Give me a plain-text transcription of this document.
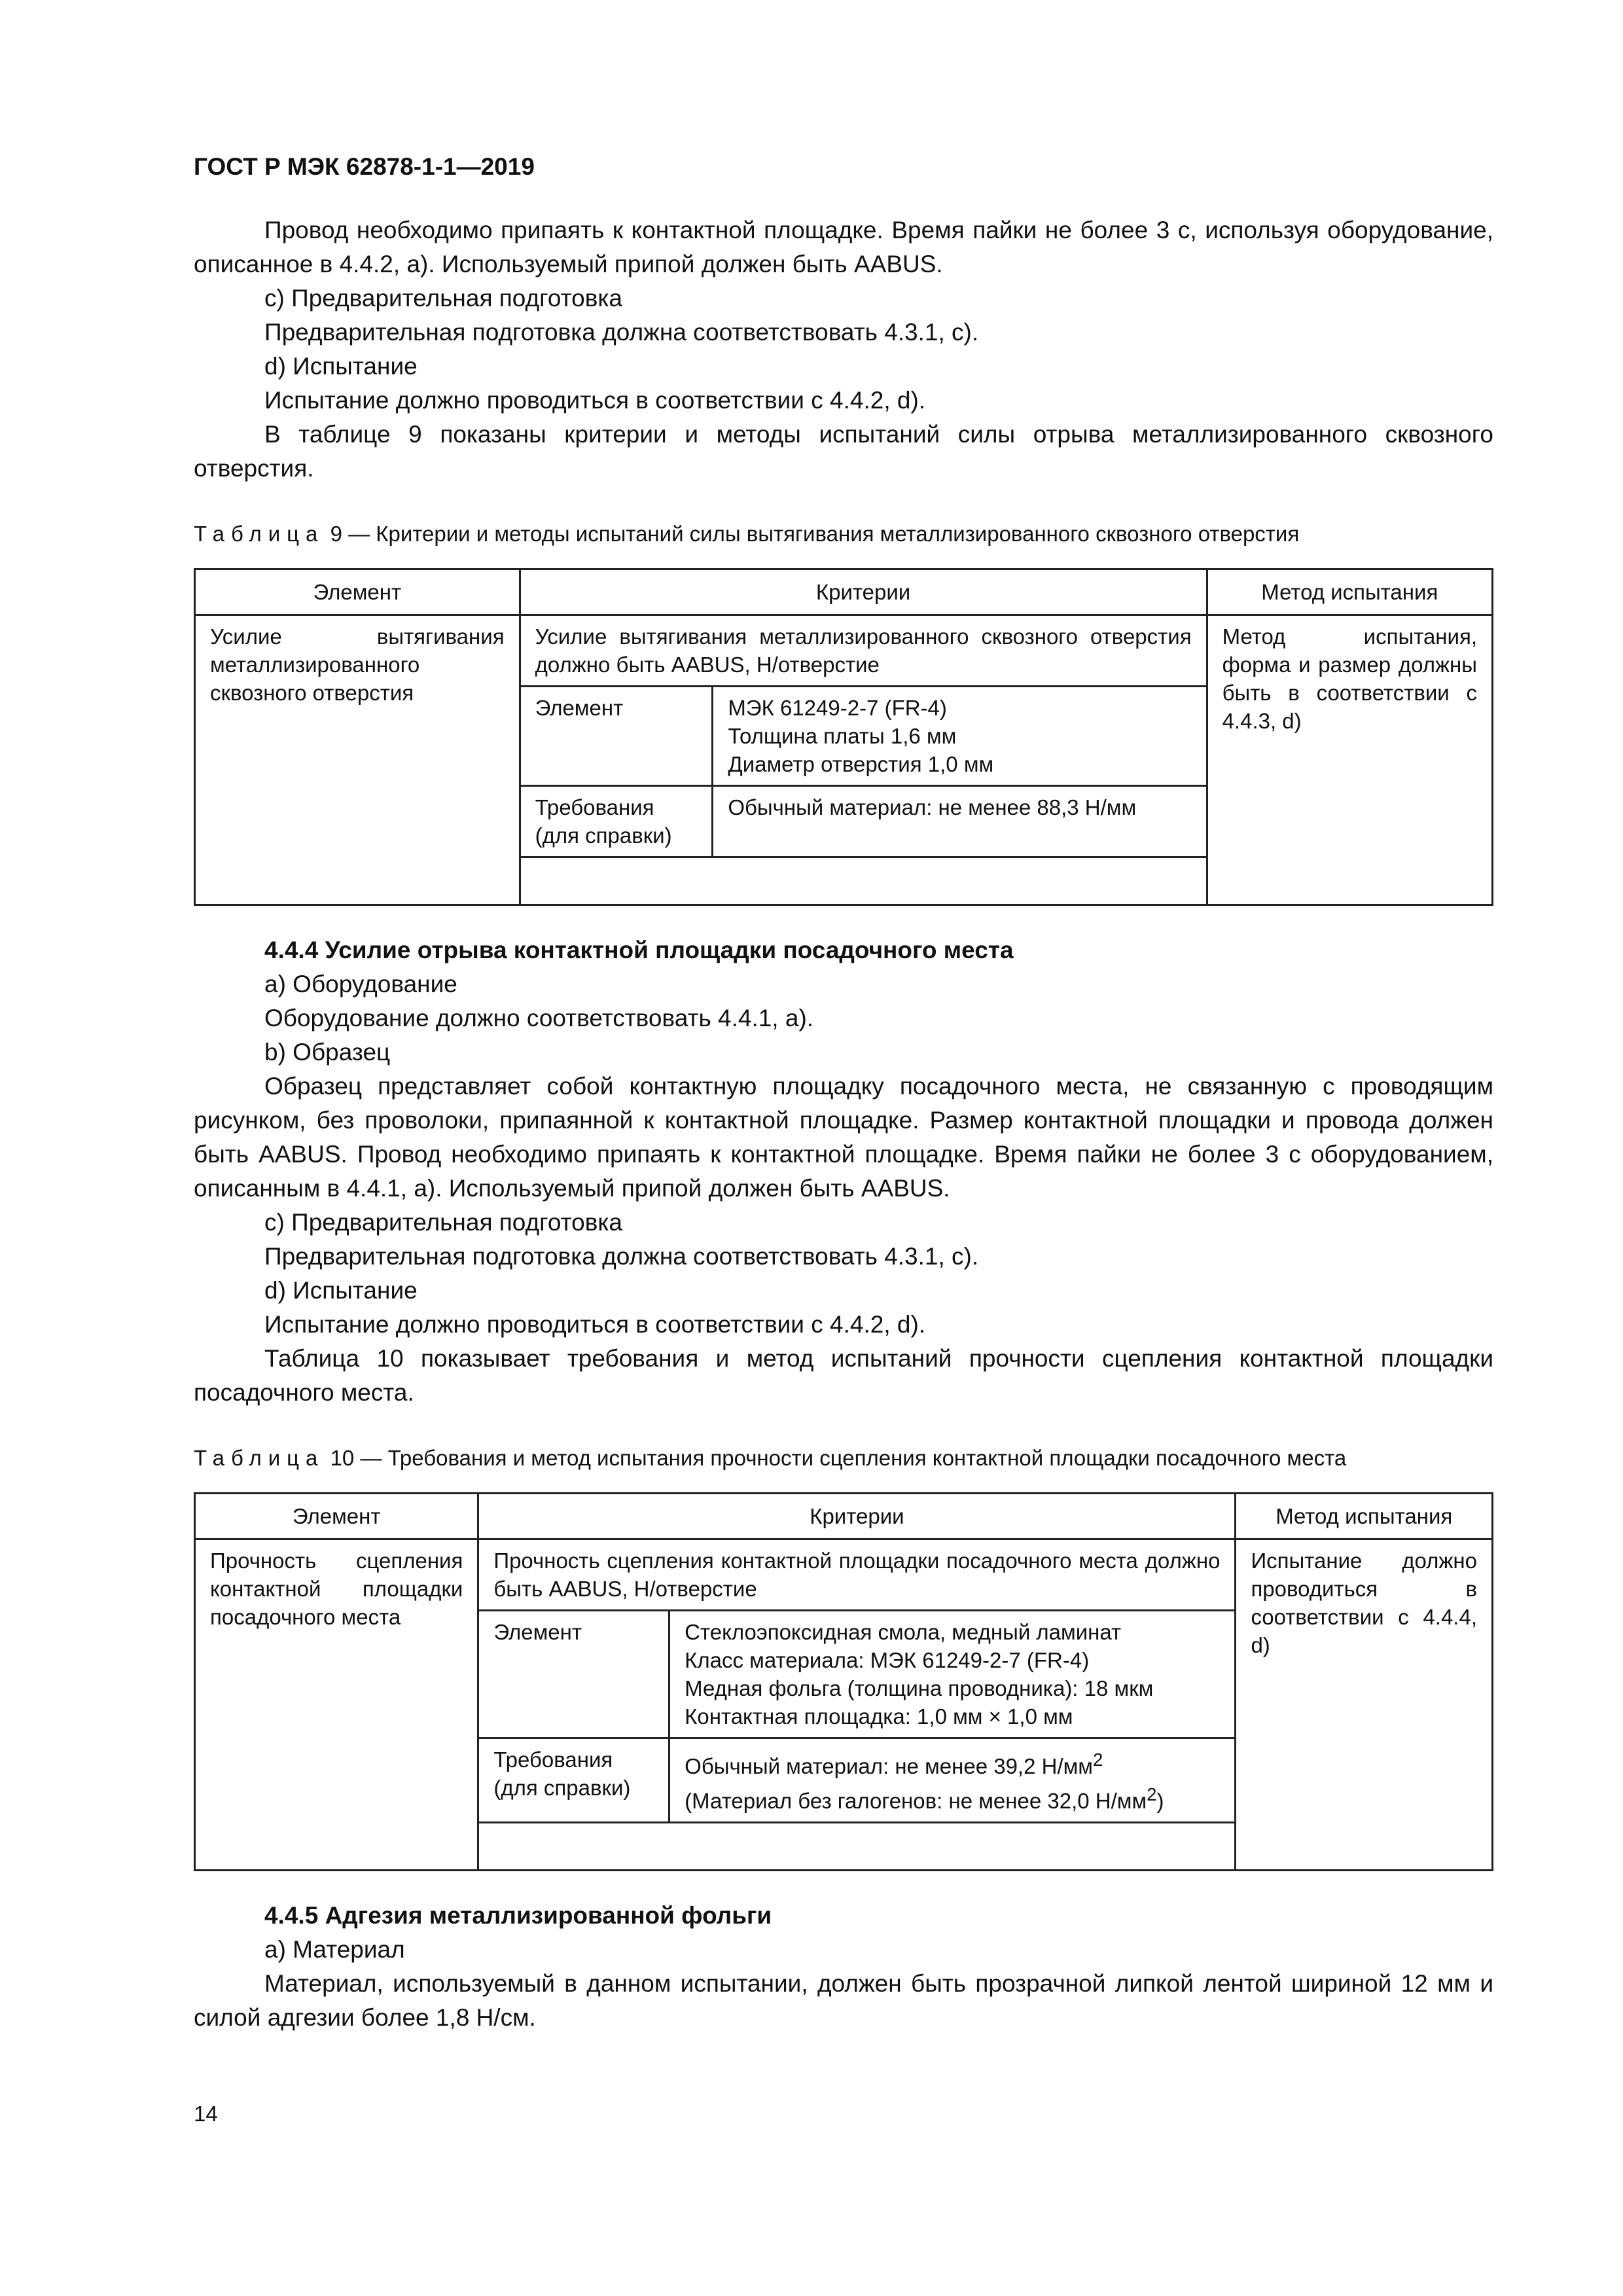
ГОСТ Р МЭК 62878-1-1—2019

Провод необходимо припаять к контактной площадке. Время пайки не более 3 с, используя оборудование, описанное в 4.4.2, a). Используемый припой должен быть AABUS.

c) Предварительная подготовка

Предварительная подготовка должна соответствовать 4.3.1, c).

d) Испытание

Испытание должно проводиться в соответствии с 4.4.2, d).

В таблице 9 показаны критерии и методы испытаний силы отрыва металлизированного сквозного отверстия.

Таблица 9 — Критерии и методы испытаний силы вытягивания металлизированного сквозного отверстия
Элемент	Критерии		Метод испытания
Усилие вытягивания металлизированного сквозного отверстия	Усилие вытягивания металлизированного сквозного отверстия должно быть AABUS, Н/отверстие		Метод испытания, форма и размер должны быть в соответствии с 4.4.3, d)
	Элемент	МЭК 61249-2-7 (FR-4)
Толщина платы 1,6 мм
Диаметр отверстия 1,0 мм	

	Требования (для справки)	Обычный материал: не менее 88,3 Н/мм	

4.4.4 Усилие отрыва контактной площадки посадочного места

a) Оборудование

Оборудование должно соответствовать 4.4.1, a).

b) Образец

Образец представляет собой контактную площадку посадочного места, не связанную с проводящим рисунком, без проволоки, припаянной к контактной площадке. Размер контактной площадки и провода должен быть AABUS. Провод необходимо припаять к контактной площадке. Время пайки не более 3 с оборудованием, описанным в 4.4.1, a). Используемый припой должен быть AABUS.

c) Предварительная подготовка

Предварительная подготовка должна соответствовать 4.3.1, c).

d) Испытание

Испытание должно проводиться в соответствии с 4.4.2, d).

Таблица 10 показывает требования и метод испытаний прочности сцепления контактной площадки посадочного места.

Таблица 10 — Требования и метод испытания прочности сцепления контактной площадки посадочного места
Элемент	Критерии		Метод испытания
Прочность сцепления контактной площадки посадочного места	Прочность сцепления контактной площадки посадочного места должно быть AABUS, Н/отверстие		Испытание должно проводиться в соответствии с 4.4.4, d)
	Элемент	Стеклоэпоксидная смола, медный ламинат
Класс материала: МЭК 61249-2-7 (FR-4)
Медная фольга (толщина проводника): 18 мкм
Контактная площадка: 1,0 мм × 1,0 мм	

	Требования (для справки)	Обычный материал: не менее 39,2 $Н/мм^2$
(Материал без галогенов: не менее 32,0 $Н/мм^2$)	

4.4.5 Адгезия металлизированной фольги

a) Материал

Материал, используемый в данном испытании, должен быть прозрачной липкой лентой шириной 12 мм и силой адгезии более 1,8 Н/см.

14
